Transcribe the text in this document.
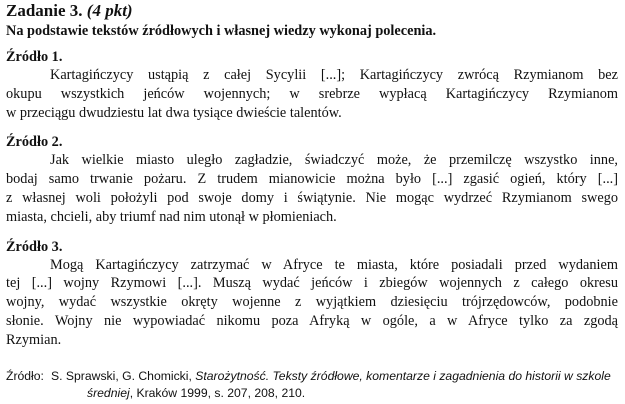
Zadanie 3. (4 pkt)
Na podstawie tekstów źródłowych i własnej wiedzy wykonaj polecenia.
Źródło 1.

Kartagińczycy ustąpią z całej Sycylii [...]; Kartagińczycy zwrócą Rzymianom bez
okupu wszystkich jeńców wojennych; w srebrze wypłacą Kartagińczycy Rzymianom
w przeciągu dwudziestu lat dwa tysiące dwieście talentów.

Źródło 2.

Jak wielkie miasto uległo zagładzie, świadczyć może, że przemilczę wszystko inne,
bodaj samo trwanie pożaru. Z trudem mianowicie można było [...] zgasić ogień, który [...]
z własnej woli położyli pod swoje domy i świątynie. Nie mogąc wydrzeć Rzymianom swego
miasta, chcieli, aby triumf nad nim utonął w płomieniach.

Źródło 3.

Mogą Kartagińczycy zatrzymać w Afryce te miasta, które posiadali przed wydaniem
tej [...] wojny Rzymowi [...]. Muszą wydać jeńców i zbiegów wojennych z całego okresu
wojny, wydać wszystkie okręty wojenne z wyjątkiem dziesięciu trójrzędowców, podobnie
słonie. Wojny nie wypowiadać nikomu poza Afryką w ogóle, a w Afryce tylko za zgodą
Rzymian.

Źródło: S. Sprawski, G. Chomicki, Starożytność. Teksty źródłowe, komentarze i zagadnienia do historii w szkole
średniej, Kraków 1999, s. 207, 208, 210.
